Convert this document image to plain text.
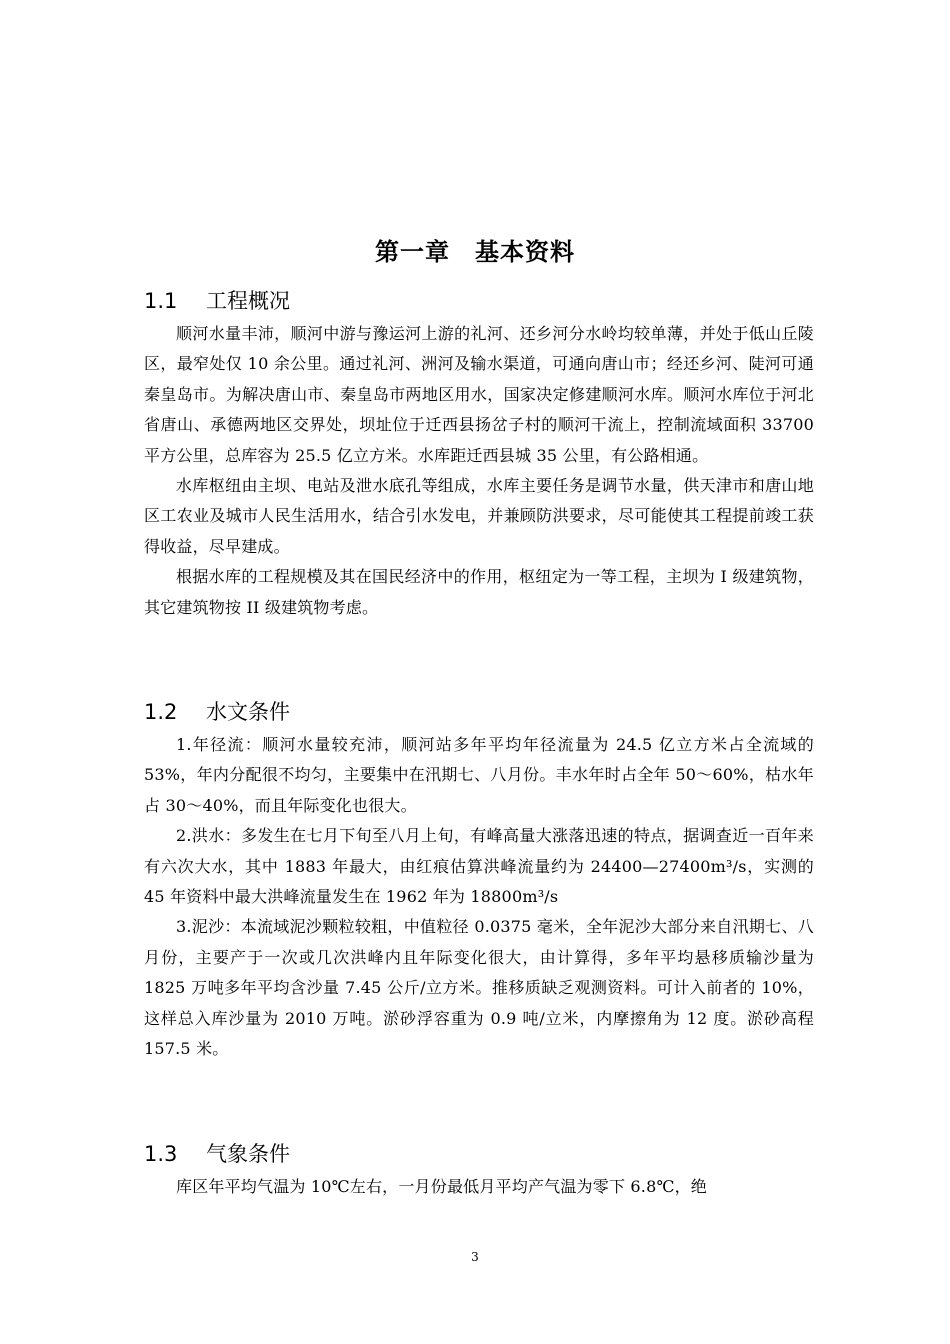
第一章　基本资料
1.1 工程概况

顺河水量丰沛，顺河中游与豫运河上游的礼河、还乡河分水岭均较单薄，并处于低山丘陵区，最窄处仅 10 余公里。通过礼河、洲河及输水渠道，可通向唐山市；经还乡河、陡河可通秦皇岛市。为解决唐山市、秦皇岛市两地区用水，国家决定修建顺河水库。顺河水库位于河北省唐山、承德两地区交界处，坝址位于迁西县扬岔子村的顺河干流上，控制流域面积 33700 平方公里，总库容为 25.5 亿立方米。水库距迁西县城 35 公里，有公路相通。

水库枢纽由主坝、电站及泄水底孔等组成，水库主要任务是调节水量，供天津市和唐山地区工农业及城市人民生活用水，结合引水发电，并兼顾防洪要求，尽可能使其工程提前竣工获得收益，尽早建成。

根据水库的工程规模及其在国民经济中的作用，枢纽定为一等工程，主坝为 I 级建筑物，其它建筑物按 II 级建筑物考虑。

1.2 水文条件

1.年径流：顺河水量较充沛，顺河站多年平均年径流量为 24.5 亿立方米占全流域的 53%，年内分配很不均匀，主要集中在汛期七、八月份。丰水年时占全年 50～60%，枯水年占 30～40%，而且年际变化也很大。

2.洪水：多发生在七月下旬至八月上旬，有峰高量大涨落迅速的特点，据调查近一百年来有六次大水，其中 1883 年最大，由红痕估算洪峰流量约为 24400—27400m³/s，实测的 45 年资料中最大洪峰流量发生在 1962 年为 18800m³/s

3.泥沙：本流域泥沙颗粒较粗，中值粒径 0.0375 毫米，全年泥沙大部分来自汛期七、八月份，主要产于一次或几次洪峰内且年际变化很大，由计算得，多年平均悬移质输沙量为 1825 万吨多年平均含沙量 7.45 公斤/立方米。推移质缺乏观测资料。可计入前者的 10%，这样总入库沙量为 2010 万吨。淤砂浮容重为 0.9 吨/立米，内摩擦角为 12 度。淤砂高程 157.5 米。

1.3 气象条件

库区年平均气温为 10℃左右，一月份最低月平均产气温为零下 6.8℃，绝

3
